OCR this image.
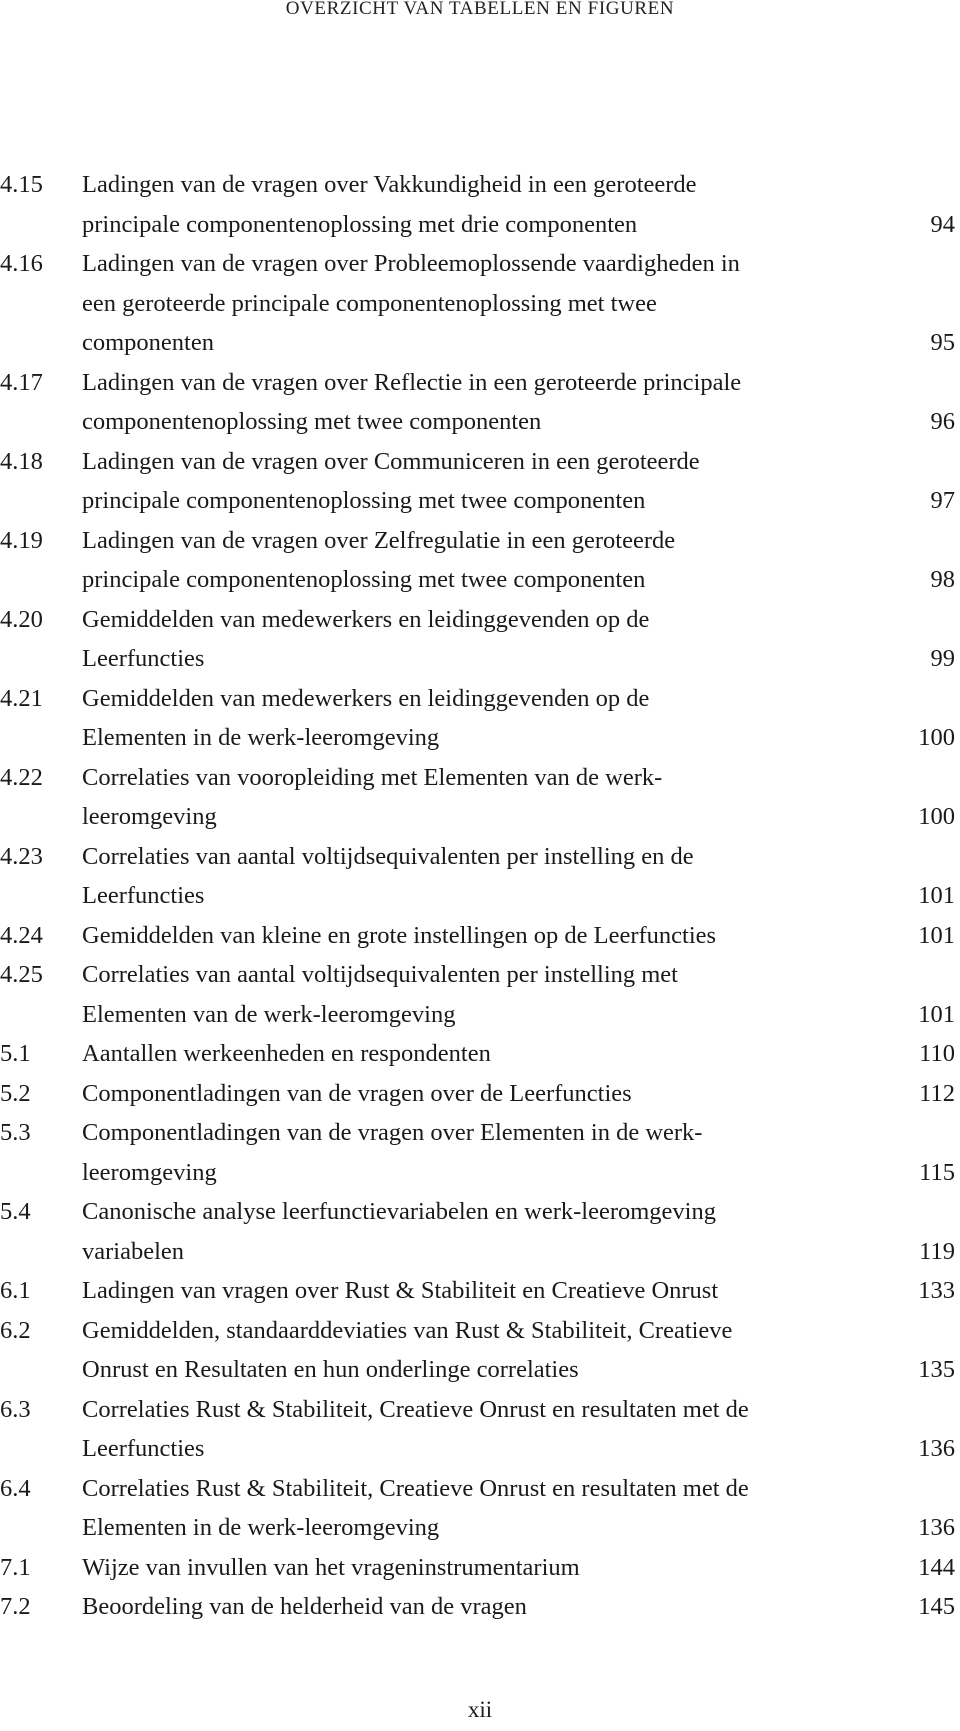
OVERZICHT VAN TABELLEN EN FIGUREN
4.15 Ladingen van de vragen over Vakkundigheid in een geroteerde
principale componentenoplossing met drie componenten	94
4.16 Ladingen van de vragen over Probleemoplossende vaardigheden in
een geroteerde principale componentenoplossing met twee
componenten	95
4.17 Ladingen van de vragen over Reflectie in een geroteerde principale
componentenoplossing met twee componenten	96
4.18 Ladingen van de vragen over Communiceren in een geroteerde
principale componentenoplossing met twee componenten	97
4.19 Ladingen van de vragen over Zelfregulatie in een geroteerde
principale componentenoplossing met twee componenten	98
4.20 Gemiddelden van medewerkers en leidinggevenden op de
Leerfuncties	99
4.21 Gemiddelden van medewerkers en leidinggevenden op de
Elementen in de werk-leeromgeving	100
4.22 Correlaties van vooropleiding met Elementen van de werk-
leeromgeving	100
4.23 Correlaties van aantal voltijdsequivalenten per instelling en de
Leerfuncties	101
4.24 Gemiddelden van kleine en grote instellingen op de Leerfuncties	101
4.25 Correlaties van aantal voltijdsequivalenten per instelling met
Elementen van de werk-leeromgeving	101
5.1 Aantallen werkeenheden en respondenten	110
5.2 Componentladingen van de vragen over de Leerfuncties	112
5.3 Componentladingen van de vragen over Elementen in de werk-
leeromgeving	115
5.4 Canonische analyse leerfunctievariabelen en werk-leeromgeving
variabelen	119
6.1 Ladingen van vragen over Rust & Stabiliteit en Creatieve Onrust	133
6.2 Gemiddelden, standaarddeviaties van Rust & Stabiliteit, Creatieve
Onrust en Resultaten en hun onderlinge correlaties	135
6.3 Correlaties Rust & Stabiliteit, Creatieve Onrust en resultaten met de
Leerfuncties	136
6.4 Correlaties Rust & Stabiliteit, Creatieve Onrust en resultaten met de
Elementen in de werk-leeromgeving	136
7.1 Wijze van invullen van het vrageninstrumentarium	144
7.2 Beoordeling van de helderheid van de vragen	145
xii
